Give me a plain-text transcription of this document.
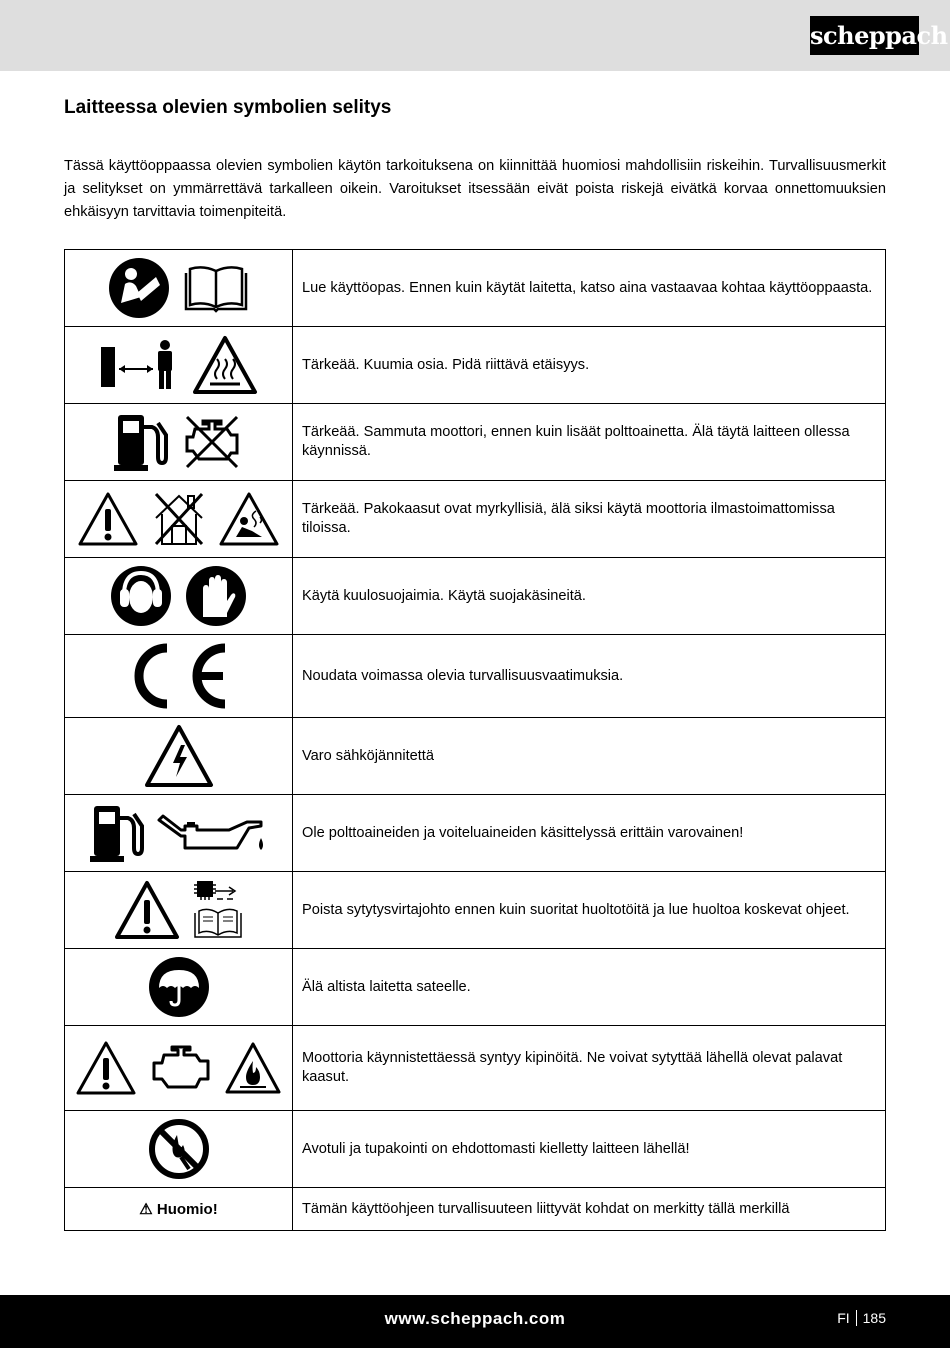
scheppach
Laitteessa olevien symbolien selitys

Tässä käyttöoppaassa olevien symbolien käytön tarkoituksena on kiinnittää huomiosi mahdollisiin riskeihin. Turvallisuusmerkit ja selitykset on ymmärrettävä tarkalleen oikein. Varoitukset itsessään eivät poista riskejä eivätkä korvaa onnettomuuksien ehkäisyyn tarvittavia toimenpiteitä.

	Lue käyttöopas. Ennen kuin käytät laitetta, katso aina vastaavaa kohtaa käyttöoppaasta.
	Tärkeää. Kuumia osia. Pidä riittävä etäisyys.
	Tärkeää. Sammuta moottori, ennen kuin lisäät polttoainetta. Älä täytä laitteen ollessa käynnissä.
	Tärkeää. Pakokaasut ovat myrkyllisiä, älä siksi käytä moottoria ilmastoimattomissa tiloissa.
	Käytä kuulosuojaimia. Käytä suojakäsineitä.
	Noudata voimassa olevia turvallisuusvaatimuksia.
	Varo sähköjännitettä
	Ole polttoaineiden ja voiteluaineiden käsittelyssä erittäin varovainen!
	Poista sytytysvirtajohto ennen kuin suoritat huoltotöitä ja lue huoltoa koskevat ohjeet.
	Älä altista laitetta sateelle.
	Moottoria käynnistettäessä syntyy kipinöitä. Ne voivat sytyttää lähellä olevat palavat kaasut.
	Avotuli ja tupakointi on ehdottomasti kielletty laitteen lähellä!
⚠ Huomio!	Tämän käyttöohjeen turvallisuuteen liittyvät kohdat on merkitty tällä merkillä
www.scheppach.com	FI 185
